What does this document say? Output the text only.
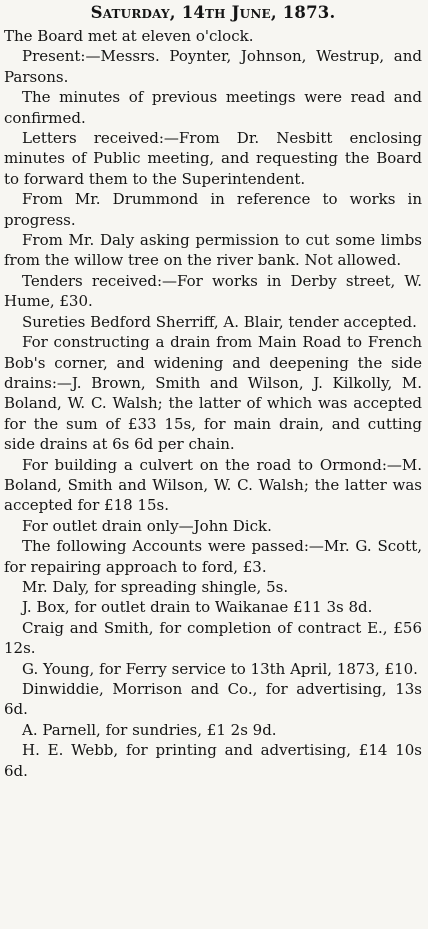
Saturday, 14th June, 1873.

The Board met at eleven o'clock.

Present:—Messrs. Poynter, Johnson, Westrup, and Parsons.

The minutes of previous meetings were read and confirmed.

Letters received:—From Dr. Nesbitt enclosing minutes of Public meeting, and requesting the Board to forward them to the Superintendent.

From Mr. Drummond in reference to works in progress.

From Mr. Daly asking permission to cut some limbs from the willow tree on the river bank. Not allowed.

Tenders received:—For works in Derby street, W. Hume, £30.

Sureties Bedford Sherriff, A. Blair, tender accepted.

For constructing a drain from Main Road to French Bob's corner, and widening and deepening the side drains:—J. Brown, Smith and Wilson, J. Kilkolly, M. Boland, W. C. Walsh; the latter of which was accepted for the sum of £33 15s, for main drain, and cutting side drains at 6s 6d per chain.

For building a culvert on the road to Ormond:—M. Boland, Smith and Wilson, W. C. Walsh; the latter was accepted for £18 15s.

For outlet drain only—John Dick.

The following Accounts were passed:—Mr. G. Scott, for repairing approach to ford, £3.

Mr. Daly, for spreading shingle, 5s.

J. Box, for outlet drain to Waikanae £11 3s 8d.

Craig and Smith, for completion of contract E., £56 12s.

G. Young, for Ferry service to 13th April, 1873, £10.

Dinwiddie, Morrison and Co., for advertising, 13s 6d.

A. Parnell, for sundries, £1 2s 9d.

H. E. Webb, for printing and advertising, £14 10s 6d.
